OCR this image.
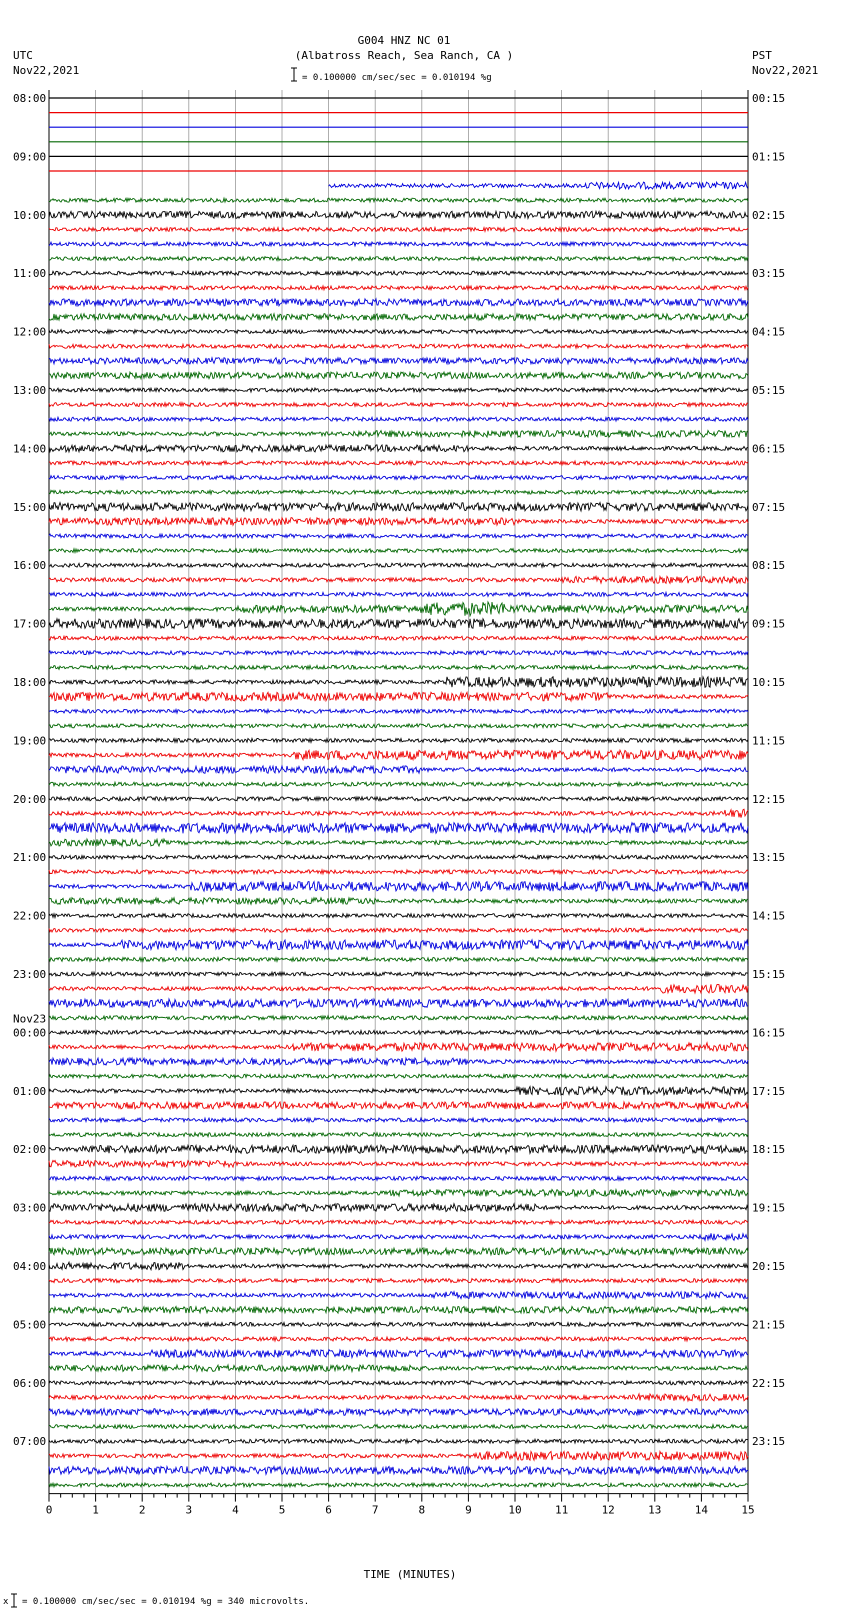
G004 HNZ NC 01
(Albatross Reach, Sea Ranch, CA )
UTC
Nov22,2021
PST
Nov22,2021
= 0.100000 cm/sec/sec = 0.010194 %g
0	1	2	3	4	5	6	7	8	9	10	11	12	13	14	15
08:00
09:00
10:00
11:00
12:00
13:00
14:00
15:00
16:00
17:00
18:00
19:00
20:00
21:00
22:00
23:00
Nov23
00:00
01:00
02:00
03:00
04:00
05:00
06:00
07:00
00:15
01:15
02:15
03:15
04:15
05:15
06:15
07:15
08:15
09:15
10:15
11:15
12:15
13:15
14:15
15:15
16:15
17:15
18:15
19:15
20:15
21:15
22:15
23:15
TIME (MINUTES)
x = 0.100000 cm/sec/sec = 0.010194 %g = 340 microvolts.
